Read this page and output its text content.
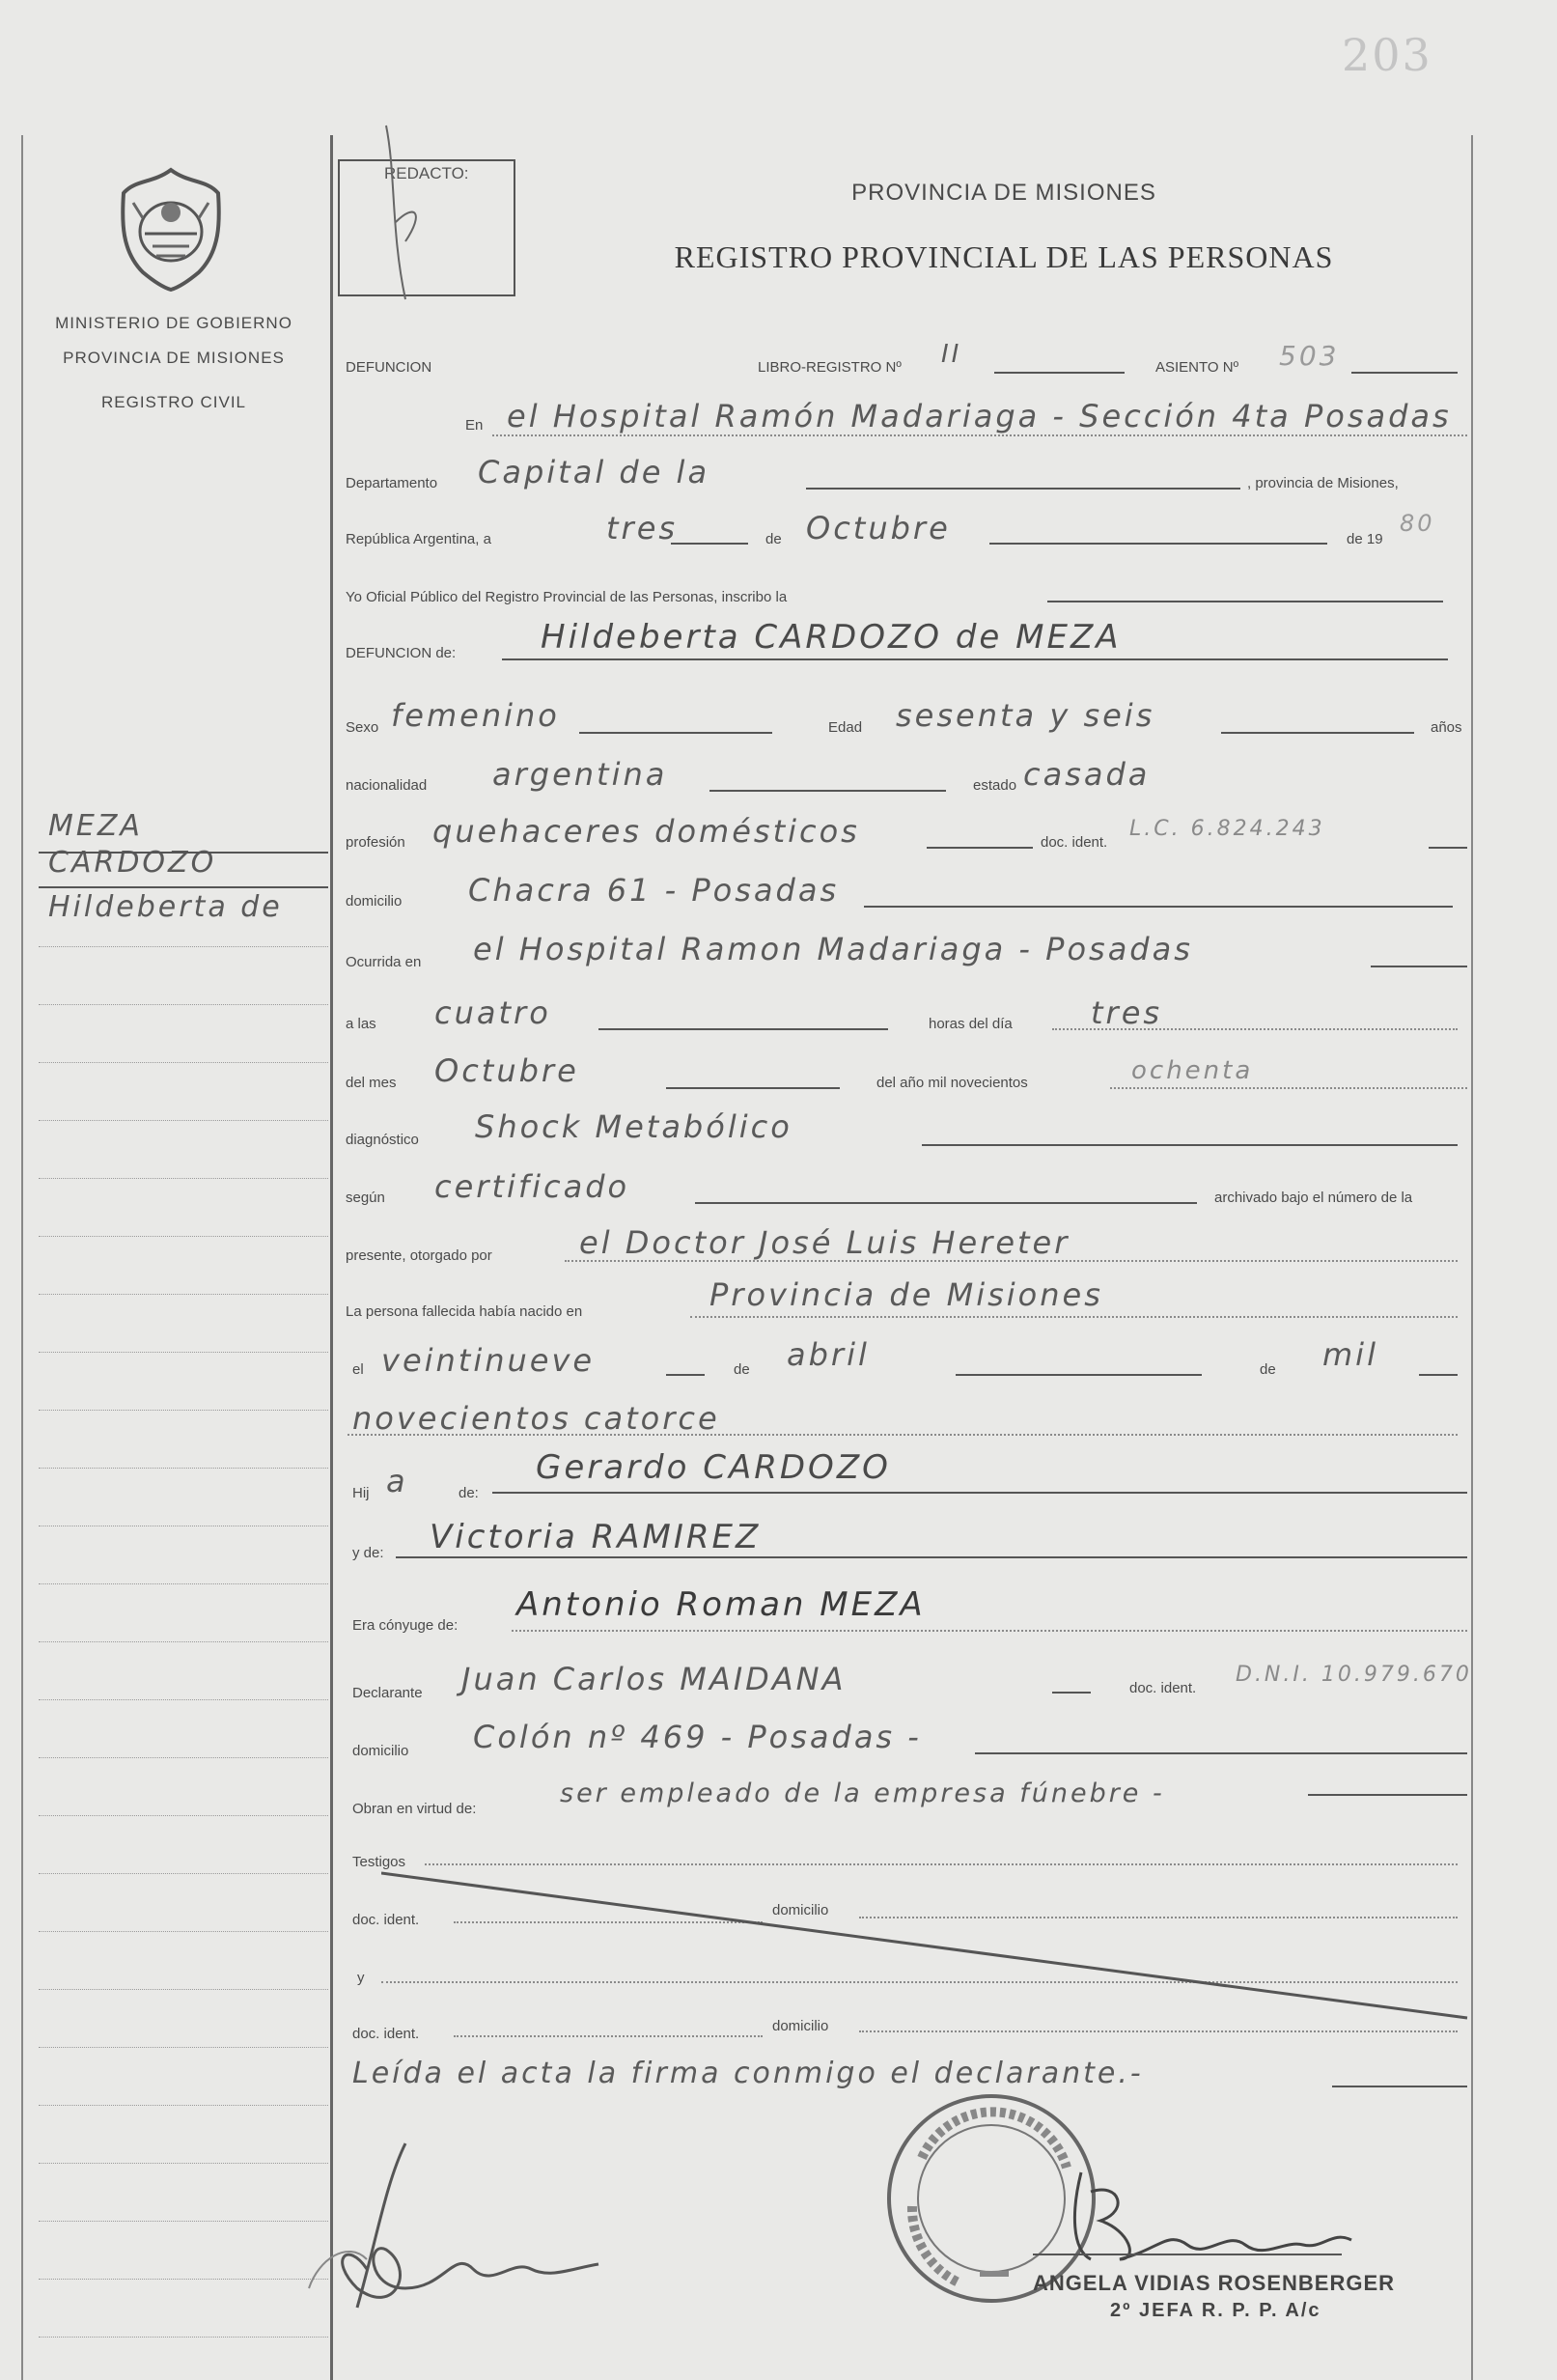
203
MINISTERIO DE GOBIERNO
PROVINCIA DE MISIONES
REGISTRO CIVIL
MEZA
CARDOZO
Hildeberta de
REDACTO:
PROVINCIA DE MISIONES
REGISTRO PROVINCIAL DE LAS PERSONAS
DEFUNCION	LIBRO-REGISTRO Nº II	ASIENTO Nº 503
En el Hospital Ramón Madariaga - Sección 4ta Posadas
Departamento Capital de la	, provincia de Misiones,
República Argentina, a	tres	de Octubre	de 19
80
Yo Oficial Público del Registro Provincial de las Personas, inscribo la
DEFUNCION de:	Hildeberta CARDOZO de MEZA
Sexo femenino	Edad sesenta y seis	años
nacionalidad argentina	estado casada
profesión quehaceres domésticos	doc. ident.
L.C. 6.824.243
domicilio Chacra 61 - Posadas
Ocurrida en el Hospital Ramon Madariaga - Posadas
a las cuatro	horas del día	tres
del mes Octubre	del año mil novecientos	ochenta
diagnóstico Shock Metabólico
según certificado	archivado bajo el número de la
presente, otorgado por	el Doctor José Luis Hereter
La persona fallecida había nacido en	Provincia de Misiones
el veintinueve	de abril	de mil
novecientos catorce
Hij a	de:
Gerardo CARDOZO
y de: Victoria RAMIREZ
Era cónyuge de:
Antonio Roman MEZA
Declarante Juan Carlos MAIDANA	doc. ident.
D.N.I. 10.979.670
domicilio Colón nº 469 - Posadas -
Obran en virtud de:
ser empleado de la empresa fúnebre -
Testigos
doc. ident.
domicilio
y
doc. ident.	domicilio
Leída el acta la firma conmigo el declarante.-
ANGELA VIDIAS ROSENBERGER
2º JEFA R. P. P. A/c
